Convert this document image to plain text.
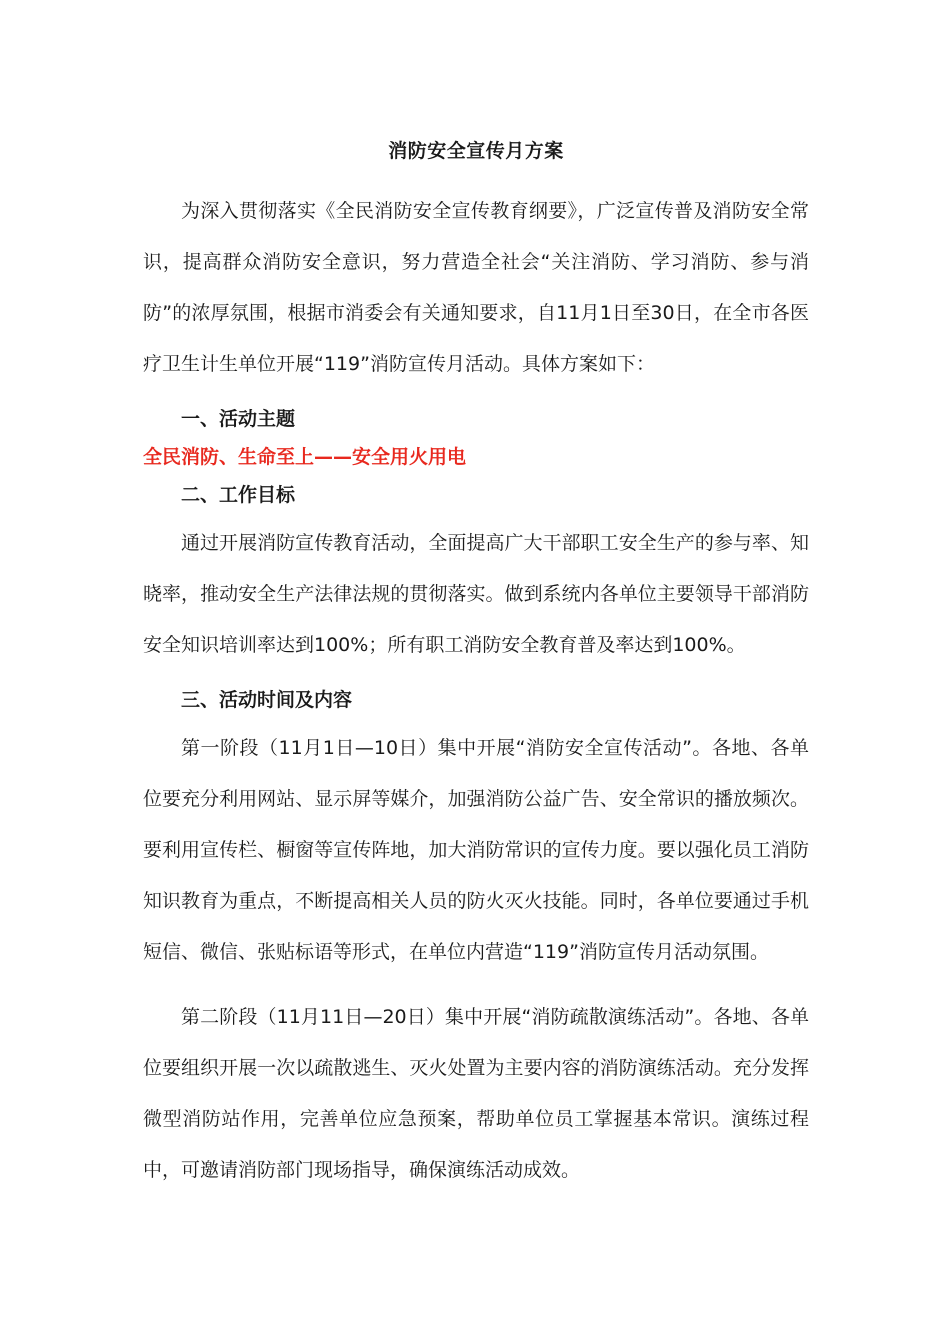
消防安全宣传月方案

为深入贯彻落实《全民消防安全宣传教育纲要》，广泛宣传普及消防安全常识，提高群众消防安全意识，努力营造全社会“关注消防、学习消防、参与消防”的浓厚氛围，根据市消委会有关通知要求，自11月1日至30日，在全市各医疗卫生计生单位开展“119”消防宣传月活动。具体方案如下：

一、活动主题
全民消防、生命至上——安全用火用电
二、工作目标

通过开展消防宣传教育活动，全面提高广大干部职工安全生产的参与率、知晓率，推动安全生产法律法规的贯彻落实。做到系统内各单位主要领导干部消防安全知识培训率达到100%；所有职工消防安全教育普及率达到100%。

三、活动时间及内容

第一阶段（11月1日—10日）集中开展“消防安全宣传活动”。各地、各单位要充分利用网站、显示屏等媒介，加强消防公益广告、安全常识的播放频次。要利用宣传栏、橱窗等宣传阵地，加大消防常识的宣传力度。要以强化员工消防知识教育为重点，不断提高相关人员的防火灭火技能。同时，各单位要通过手机短信、微信、张贴标语等形式，在单位内营造“119”消防宣传月活动氛围。

第二阶段（11月11日—20日）集中开展“消防疏散演练活动”。各地、各单位要组织开展一次以疏散逃生、灭火处置为主要内容的消防演练活动。充分发挥微型消防站作用，完善单位应急预案，帮助单位员工掌握基本常识。演练过程中，可邀请消防部门现场指导，确保演练活动成效。
